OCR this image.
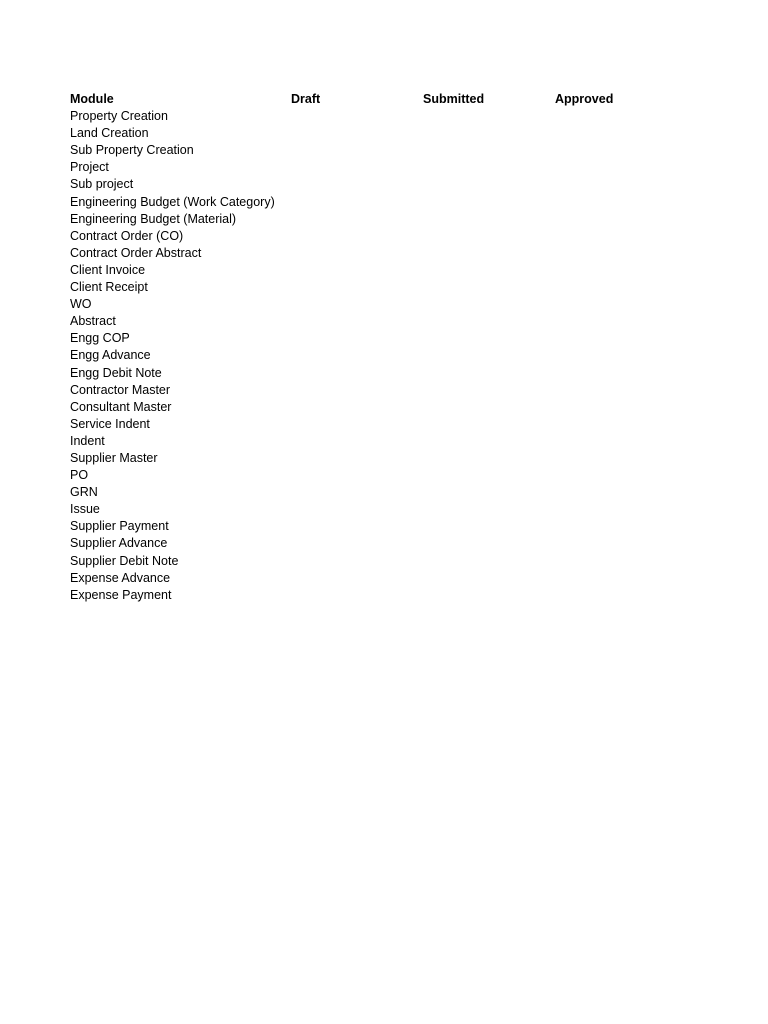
Module	Draft	Submitted	Approved
Property Creation
Land Creation
Sub Property Creation
Project
Sub project
Engineering Budget (Work Category)
Engineering Budget (Material)
Contract Order (CO)
Contract Order Abstract
Client Invoice
Client Receipt
WO
Abstract
Engg COP
Engg Advance
Engg Debit Note
Contractor Master
Consultant Master
Service Indent
Indent
Supplier Master
PO
GRN
Issue
Supplier Payment
Supplier Advance
Supplier Debit Note
Expense Advance
Expense Payment
